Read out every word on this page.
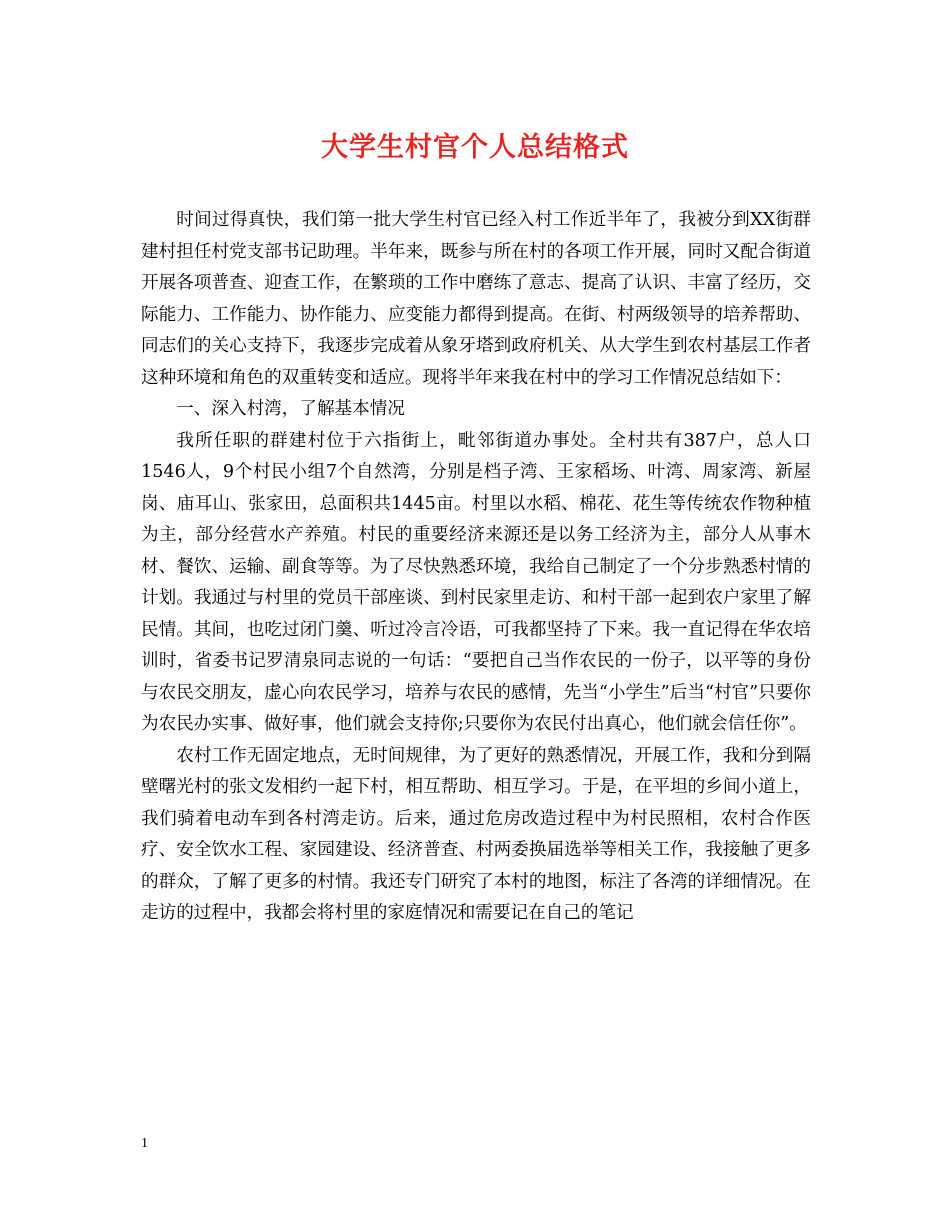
大学生村官个人总结格式

时间过得真快，我们第一批大学生村官已经入村工作近半年了，我被分到XX街群建村担任村党支部书记助理。半年来，既参与所在村的各项工作开展，同时又配合街道开展各项普查、迎查工作，在繁琐的工作中磨练了意志、提高了认识、丰富了经历，交际能力、工作能力、协作能力、应变能力都得到提高。在街、村两级领导的培养帮助、同志们的关心支持下，我逐步完成着从象牙塔到政府机关、从大学生到农村基层工作者这种环境和角色的双重转变和适应。现将半年来我在村中的学习工作情况总结如下：

一、深入村湾，了解基本情况

我所任职的群建村位于六指街上，毗邻街道办事处。全村共有387户，总人口1546人，9个村民小组7个自然湾，分别是档子湾、王家稻场、叶湾、周家湾、新屋岗、庙耳山、张家田，总面积共1445亩。村里以水稻、棉花、花生等传统农作物种植为主，部分经营水产养殖。村民的重要经济来源还是以务工经济为主，部分人从事木材、餐饮、运输、副食等等。为了尽快熟悉环境，我给自己制定了一个分步熟悉村情的计划。我通过与村里的党员干部座谈、到村民家里走访、和村干部一起到农户家里了解民情。其间，也吃过闭门羹、听过冷言冷语，可我都坚持了下来。我一直记得在华农培训时，省委书记罗清泉同志说的一句话：“要把自己当作农民的一份子，以平等的身份与农民交朋友，虚心向农民学习，培养与农民的感情，先当“小学生”后当“村官”只要你为农民办实事、做好事，他们就会支持你;只要你为农民付出真心，他们就会信任你”。

农村工作无固定地点，无时间规律，为了更好的熟悉情况，开展工作，我和分到隔壁曙光村的张文发相约一起下村，相互帮助、相互学习。于是，在平坦的乡间小道上，我们骑着电动车到各村湾走访。后来，通过危房改造过程中为村民照相，农村合作医疗、安全饮水工程、家园建设、经济普查、村两委换届选举等相关工作，我接触了更多的群众，了解了更多的村情。我还专门研究了本村的地图，标注了各湾的详细情况。在走访的过程中，我都会将村里的家庭情况和需要记在自己的笔记

1
